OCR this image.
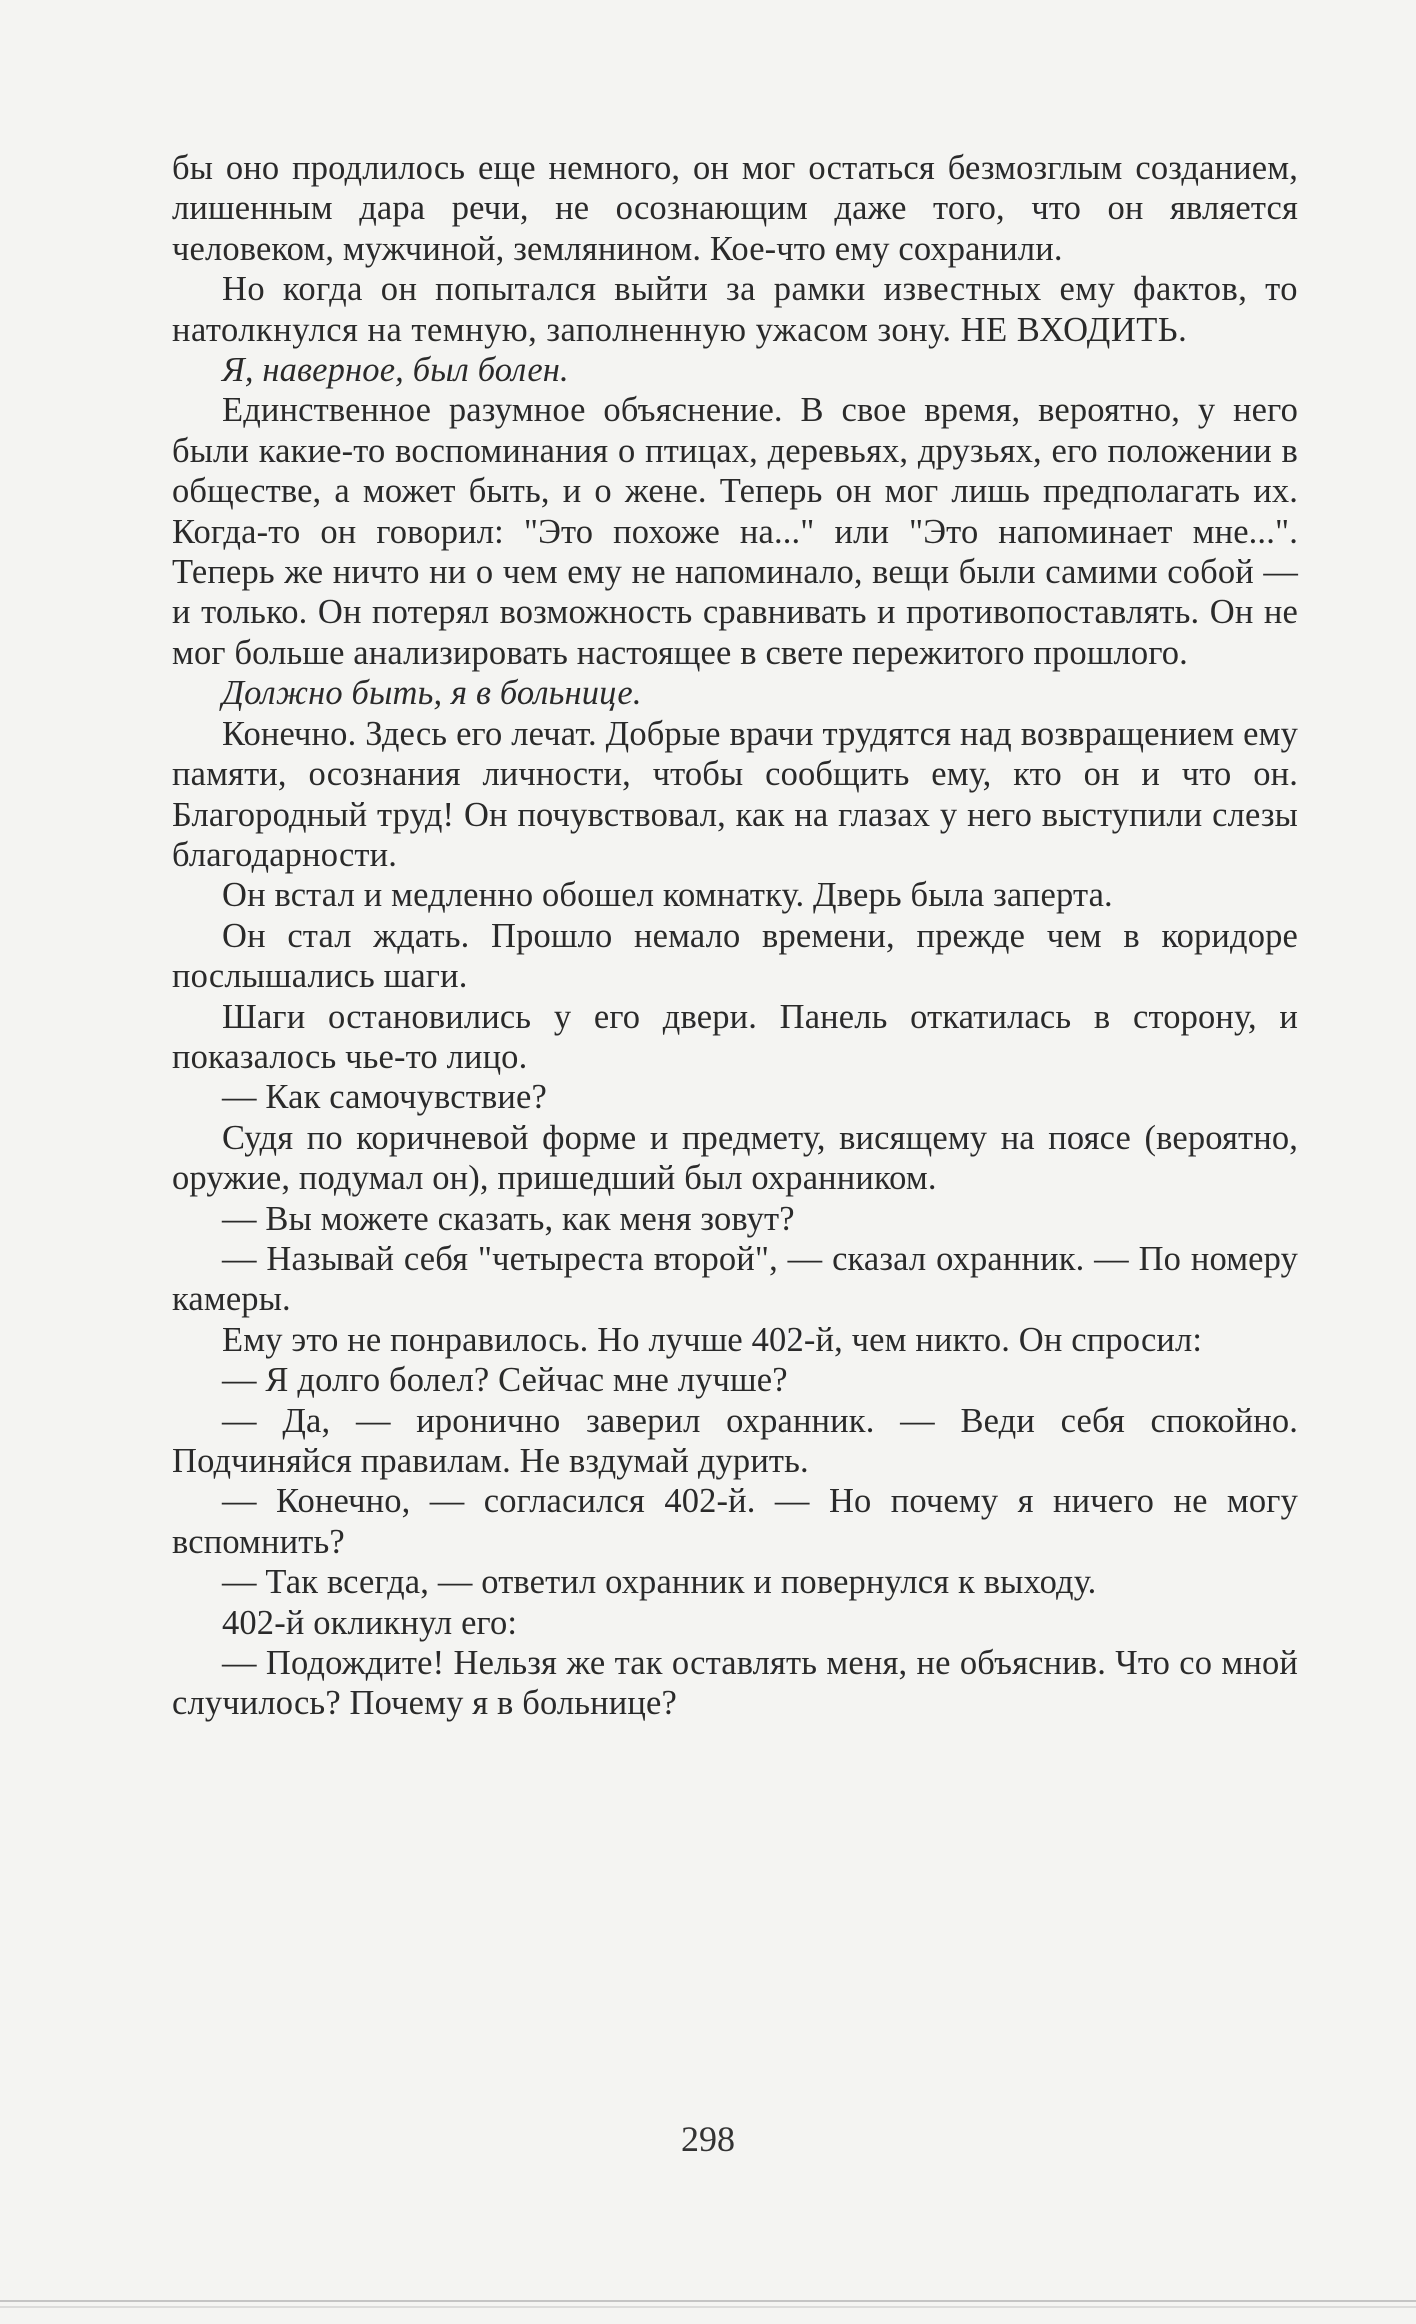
бы оно продлилось еще немного, он мог остаться безмозглым созданием, лишенным дара речи, не осознающим даже того, что он является человеком, мужчиной, землянином. Кое-что ему сохранили.

Но когда он попытался выйти за рамки известных ему фактов, то натолкнулся на темную, заполненную ужасом зону. НЕ ВХОДИТЬ.

Я, наверное, был болен.

Единственное разумное объяснение. В свое время, вероятно, у него были какие-то воспоминания о птицах, деревьях, друзьях, его положении в обществе, а может быть, и о жене. Теперь он мог лишь предполагать их. Когда-то он говорил: "Это похоже на..." или "Это напоминает мне...". Теперь же ничто ни о чем ему не напоминало, вещи были самими собой — и только. Он потерял возможность сравнивать и противопоставлять. Он не мог больше анализировать настоящее в свете пережитого прошлого.

Должно быть, я в больнице.

Конечно. Здесь его лечат. Добрые врачи трудятся над возвращением ему памяти, осознания личности, чтобы сообщить ему, кто он и что он. Благородный труд! Он почувствовал, как на глазах у него выступили слезы благодарности.

Он встал и медленно обошел комнатку. Дверь была заперта.

Он стал ждать. Прошло немало времени, прежде чем в коридоре послышались шаги.

Шаги остановились у его двери. Панель откатилась в сторону, и показалось чье-то лицо.

— Как самочувствие?

Судя по коричневой форме и предмету, висящему на поясе (вероятно, оружие, подумал он), пришедший был охранником.

— Вы можете сказать, как меня зовут?

— Называй себя "четыреста второй", — сказал охранник. — По номеру камеры.

Ему это не понравилось. Но лучше 402-й, чем никто. Он спросил:

— Я долго болел? Сейчас мне лучше?

— Да, — иронично заверил охранник. — Веди себя спокойно. Подчиняйся правилам. Не вздумай дурить.

— Конечно, — согласился 402-й. — Но почему я ничего не могу вспомнить?

— Так всегда, — ответил охранник и повернулся к выходу.

402-й окликнул его:

— Подождите! Нельзя же так оставлять меня, не объяснив. Что со мной случилось? Почему я в больнице?

298
